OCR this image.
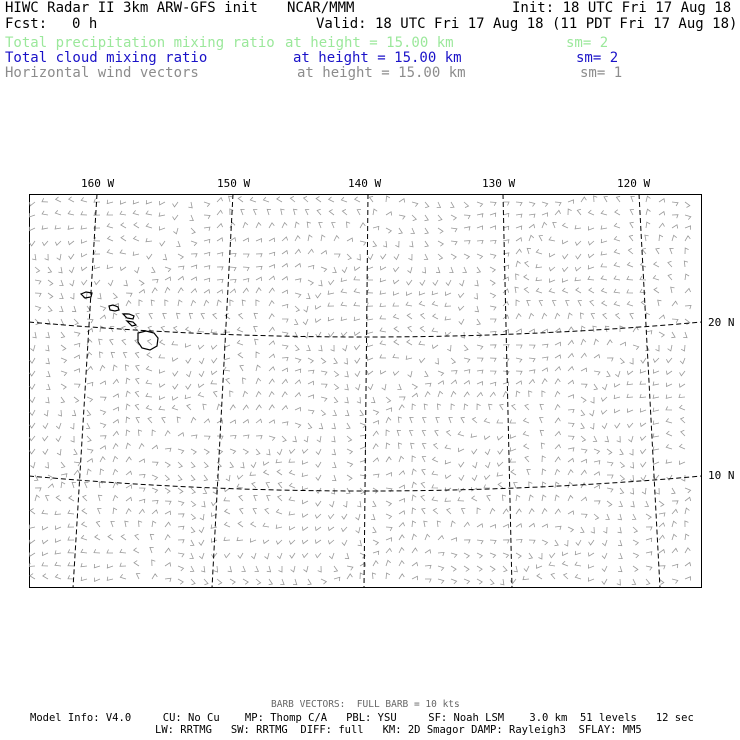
HIWC Radar II 3km ARW-GFS init NCAR/MMM	Init: 18 UTC Fri 17 Aug 18
Fcst: 0 h	Valid: 18 UTC Fri 17 Aug 18 (11 PDT Fri 17 Aug 18)
Total precipitation mixing ratio at height = 15.00 km	sm= 2
Total cloud mixing ratio	at height = 15.00 km	sm= 2
Horizontal wind vectors	at height = 15.00 km	sm= 1
160 W	150 W	140 W	130 W	120 W
20 N
10 N
BARB VECTORS:  FULL BARB = 10 kts
Model Info: V4.0     CU: No Cu    MP: Thomp C/A   PBL: YSU     SF: Noah LSM    3.0 km  51 levels   12 sec
LW: RRTMG   SW: RRTMG  DIFF: full   KM: 2D Smagor DAMP: Rayleigh3  SFLAY: MM5
